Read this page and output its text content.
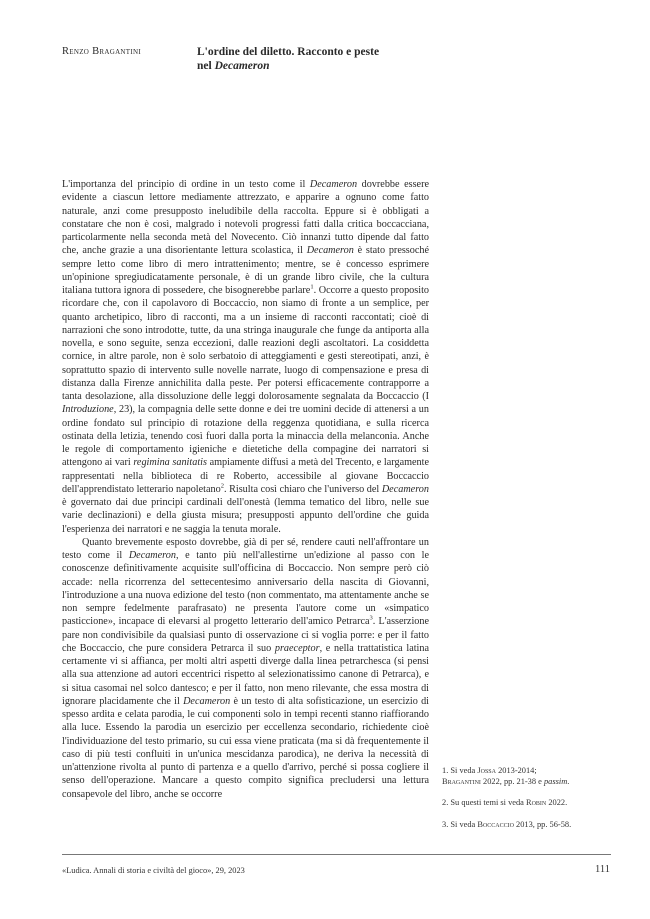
Renzo Bragantini	L'ordine del diletto. Racconto e peste
nel Decameron

L'importanza del principio di ordine in un testo come il Decameron dovrebbe essere evidente a ciascun lettore mediamente attrezzato, e apparire a ognuno come fatto naturale, anzi come presupposto ineludibile della raccolta. Eppure si è obbligati a constatare che non è così, malgrado i notevoli progressi fatti dalla critica boccacciana, particolarmente nella seconda metà del Novecento. Ciò innanzi tutto dipende dal fatto che, anche grazie a una disorientante lettura scolastica, il Decameron è stato pressoché sempre letto come libro di mero intrattenimento; mentre, se è concesso esprimere un'opinione spregiudicatamente personale, è di un grande libro civile, che la cultura italiana tuttora ignora di possedere, che bisognerebbe parlare$^1$. Occorre a questo proposito ricordare che, con il capolavoro di Boccaccio, non siamo di fronte a un semplice, per quanto archetipico, libro di racconti, ma a un insieme di racconti raccontati; cioè di narrazioni che sono introdotte, tutte, da una stringa inaugurale che funge da antiporta alla novella, e sono seguite, senza eccezioni, dalle reazioni degli ascoltatori. La cosiddetta cornice, in altre parole, non è solo serbatoio di atteggiamenti e gesti stereotipati, anzi, è soprattutto spazio di intervento sulle novelle narrate, luogo di compensazione e presa di distanza dalla Firenze annichilita dalla peste. Per potersi efficacemente contrapporre a tanta desolazione, alla dissoluzione delle leggi dolorosamente segnalata da Boccaccio (I Introduzione, 23), la compagnia delle sette donne e dei tre uomini decide di attenersi a un ordine fondato sul principio di rotazione della reggenza quotidiana, e sulla ricerca ostinata della letizia, tenendo così fuori dalla porta la minaccia della melanconia. Anche le regole di comportamento igieniche e dietetiche della compagine dei narratori si attengono ai vari regimina sanitatis ampiamente diffusi a metà del Trecento, e largamente rappresentati nella biblioteca di re Roberto, accessibile al giovane Boccaccio dell'apprendistato letterario napoletano$^2$. Risulta così chiaro che l'universo del Decameron è governato dai due principi cardinali dell'onestà (lemma tematico del libro, nelle sue varie declinazioni) e della giusta misura; presupposti appunto dell'ordine che guida l'esperienza dei narratori e ne saggia la tenuta morale.

Quanto brevemente esposto dovrebbe, già di per sé, rendere cauti nell'affrontare un testo come il Decameron, e tanto più nell'allestirne un'edizione al passo con le conoscenze definitivamente acquisite sull'officina di Boccaccio. Non sempre però ciò accade: nella ricorrenza del settecentesimo anniversario della nascita di Giovanni, l'introduzione a una nuova edizione del testo (non commentato, ma attentamente anche se non sempre fedelmente parafrasato) ne presenta l'autore come un «simpatico pasticcione», incapace di elevarsi al progetto letterario dell'amico Petrarca$^3$. L'asserzione pare non condivisibile da qualsiasi punto di osservazione ci si voglia porre: e per il fatto che Boccaccio, che pure considera Petrarca il suo praeceptor, e nella trattatistica latina certamente vi si affianca, per molti altri aspetti diverge dalla linea petrarchesca (si pensi alla sua attenzione ad autori eccentrici rispetto al selezionatissimo canone di Petrarca), e si situa casomai nel solco dantesco; e per il fatto, non meno rilevante, che essa mostra di ignorare placidamente che il Decameron è un testo di alta sofisticazione, un esercizio di spesso ardita e celata parodia, le cui componenti solo in tempi recenti stanno riaffiorando alla luce. Essendo la parodia un esercizio per eccellenza secondario, richiedente cioè l'individuazione del testo primario, su cui essa viene praticata (ma si dà frequentemente il caso di più testi confluiti in un'unica mescidanza parodica), ne deriva la necessità di un'attenzione rivolta al punto di partenza e a quello d'arrivo, perché si possa cogliere il senso dell'operazione. Mancare a questo compito significa precludersi una lettura consapevole del libro, anche se occorre

1. Si veda Jossa 2013-2014;
Bragantini 2022, pp. 21-38 e passim.
2. Su questi temi si veda Robin 2022.
3. Si veda Boccaccio 2013, pp. 56-58.
«Ludica. Annali di storia e civiltà del gioco», 29, 2023	111
